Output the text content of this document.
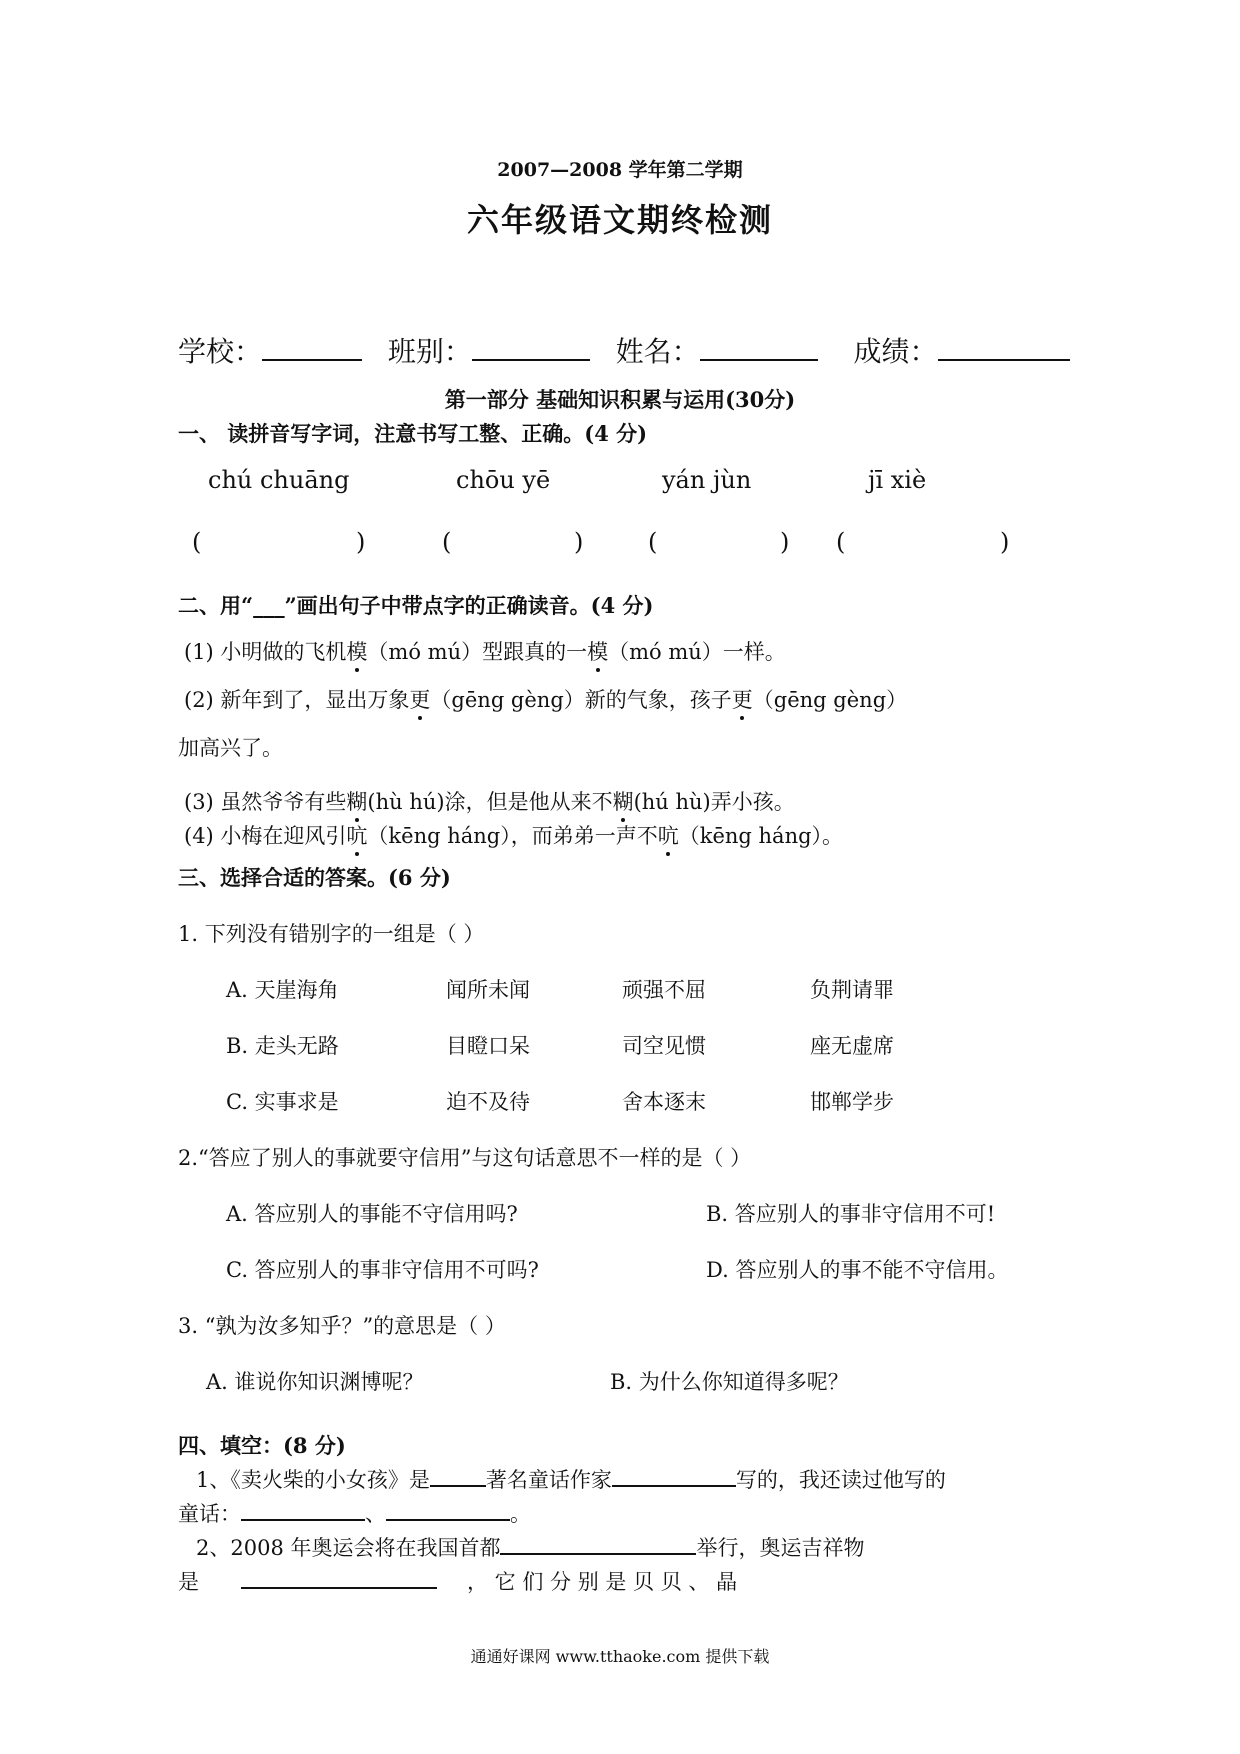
2007—2008 学年第二学期
六年级语文期终检测
学校：	班别：	姓名：	成绩：
第一部分 基础知识积累与运用(30分)
一、 读拼音写字词，注意书写工整、正确。(4 分)
chú chuāng	chōu yē	yán jùn	jī xiè
(	)	(	)	(	) (	)
二、用“___”画出句子中带点字的正确读音。(4 分)
(1) 小明做的飞机模（mó mú）型跟真的一模（mó mú）一样。
(2) 新年到了，显出万象更（gēng gèng）新的气象，孩子更（gēng gèng）
加高兴了。
(3) 虽然爷爷有些糊(hù hú)涂，但是他从来不糊(hú hù)弄小孩。
(4) 小梅在迎风引吭（kēng háng），而弟弟一声不吭（kēng háng）。
三、选择合适的答案。(6 分)
1. 下列没有错别字的一组是（ ）
A. 天崖海角	闻所未闻	顽强不屈	负荆请罪
B. 走头无路	目瞪口呆	司空见惯	座无虚席
C. 实事求是	迫不及待	舍本逐末	邯郸学步
2.“答应了别人的事就要守信用”与这句话意思不一样的是（ ）
A. 答应别人的事能不守信用吗?	B. 答应别人的事非守信用不可!
C. 答应别人的事非守信用不可吗?	D. 答应别人的事不能不守信用。
3. “孰为汝多知乎？”的意思是（ ）
A. 谁说你知识渊博呢？	B. 为什么你知道得多呢？
四、填空：(8 分)
1、《卖火柴的小女孩》是	著名童话作家	写的，我还读过他写的
童话：	、	。
2、2008 年奥运会将在我国首都	举行，奥运吉祥物
是	， 它 们 分 别 是 贝 贝 、 晶
通通好课网 www.tthaoke.com 提供下载
